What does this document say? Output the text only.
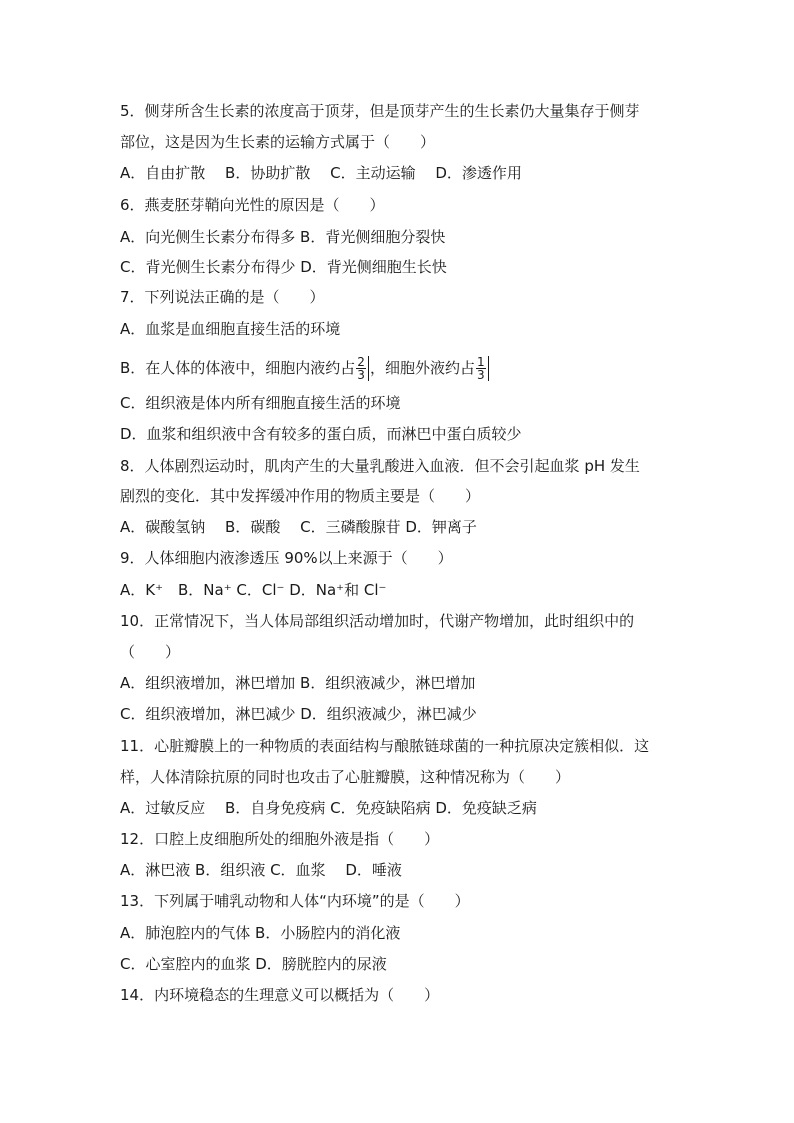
5．侧芽所含生长素的浓度高于顶芽，但是顶芽产生的生长素仍大量集存于侧芽
部位，这是因为生长素的运输方式属于（　　）
A．自由扩散　 B．协助扩散　 C．主动运输　 D．渗透作用
6．燕麦胚芽鞘向光性的原因是（　　）
A．向光侧生长素分布得多 B．背光侧细胞分裂快
C．背光侧生长素分布得少 D．背光侧细胞生长快
7．下列说法正确的是（　　）
A．血浆是血细胞直接生活的环境
B．在人体的体液中，细胞内液约占 $\frac{2}{3}$ ，细胞外液约占 $\frac{1}{3}$
C．组织液是体内所有细胞直接生活的环境
D．血浆和组织液中含有较多的蛋白质，而淋巴中蛋白质较少
8．人体剧烈运动时，肌肉产生的大量乳酸进入血液．但不会引起血浆 pH 发生
剧烈的变化．其中发挥缓冲作用的物质主要是（　　）
A．碳酸氢钠　 B．碳酸　 C．三磷酸腺苷 D．钾离子
9．人体细胞内液渗透压 90%以上来源于（　　）
A．K⁺　B．Na⁺ C．Cl⁻ D．Na⁺和 Cl⁻
10．正常情况下，当人体局部组织活动增加时，代谢产物增加，此时组织中的
（　　）
A．组织液增加，淋巴增加 B．组织液减少，淋巴增加
C．组织液增加，淋巴减少 D．组织液减少，淋巴减少
11．心脏瓣膜上的一种物质的表面结构与酿脓链球菌的一种抗原决定簇相似．这
样，人体清除抗原的同时也攻击了心脏瓣膜，这种情况称为（　　）
A．过敏反应　 B．自身免疫病 C．免疫缺陷病 D．免疫缺乏病
12．口腔上皮细胞所处的细胞外液是指（　　）
A．淋巴液 B．组织液 C．血浆　 D．唾液
13．下列属于哺乳动物和人体“内环境”的是（　　）
A．肺泡腔内的气体 B．小肠腔内的消化液
C．心室腔内的血浆 D．膀胱腔内的尿液
14．内环境稳态的生理意义可以概括为（　　）
